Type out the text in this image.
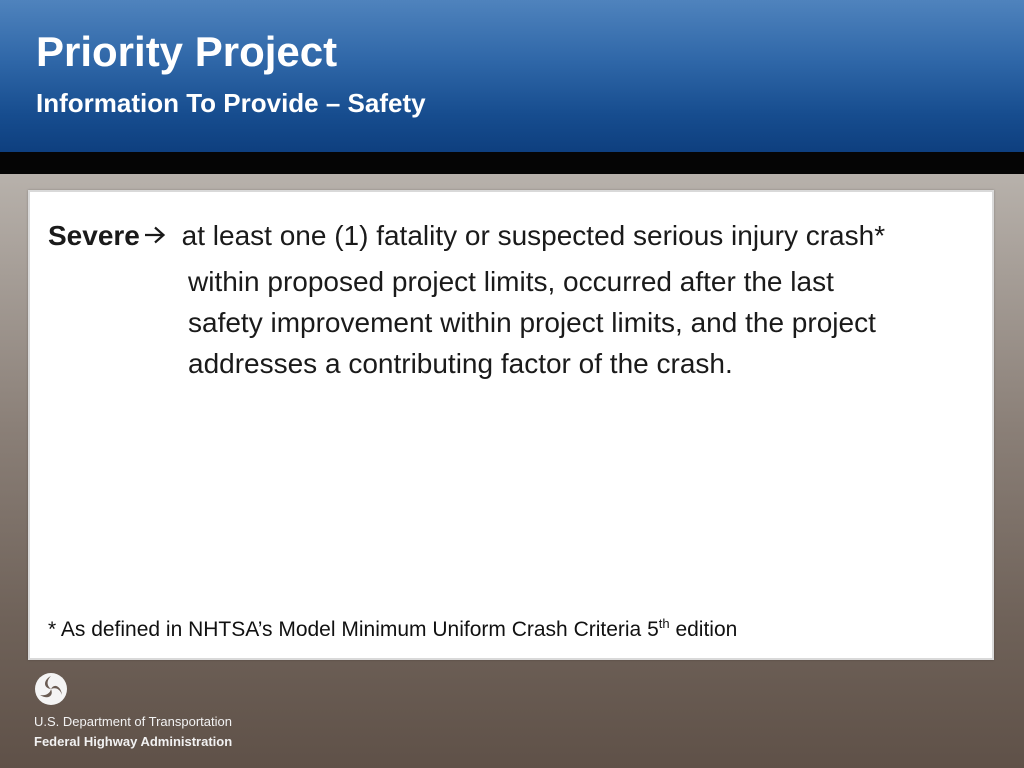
Priority Project
Information To Provide – Safety
Severe at least one (1) fatality or suspected serious injury crash*
within proposed project limits, occurred after the last
safety improvement within project limits, and the project
addresses a contributing factor of the crash.
* As defined in NHTSA’s Model Minimum Uniform Crash Criteria 5th edition
U.S. Department of Transportation
Federal Highway Administration
